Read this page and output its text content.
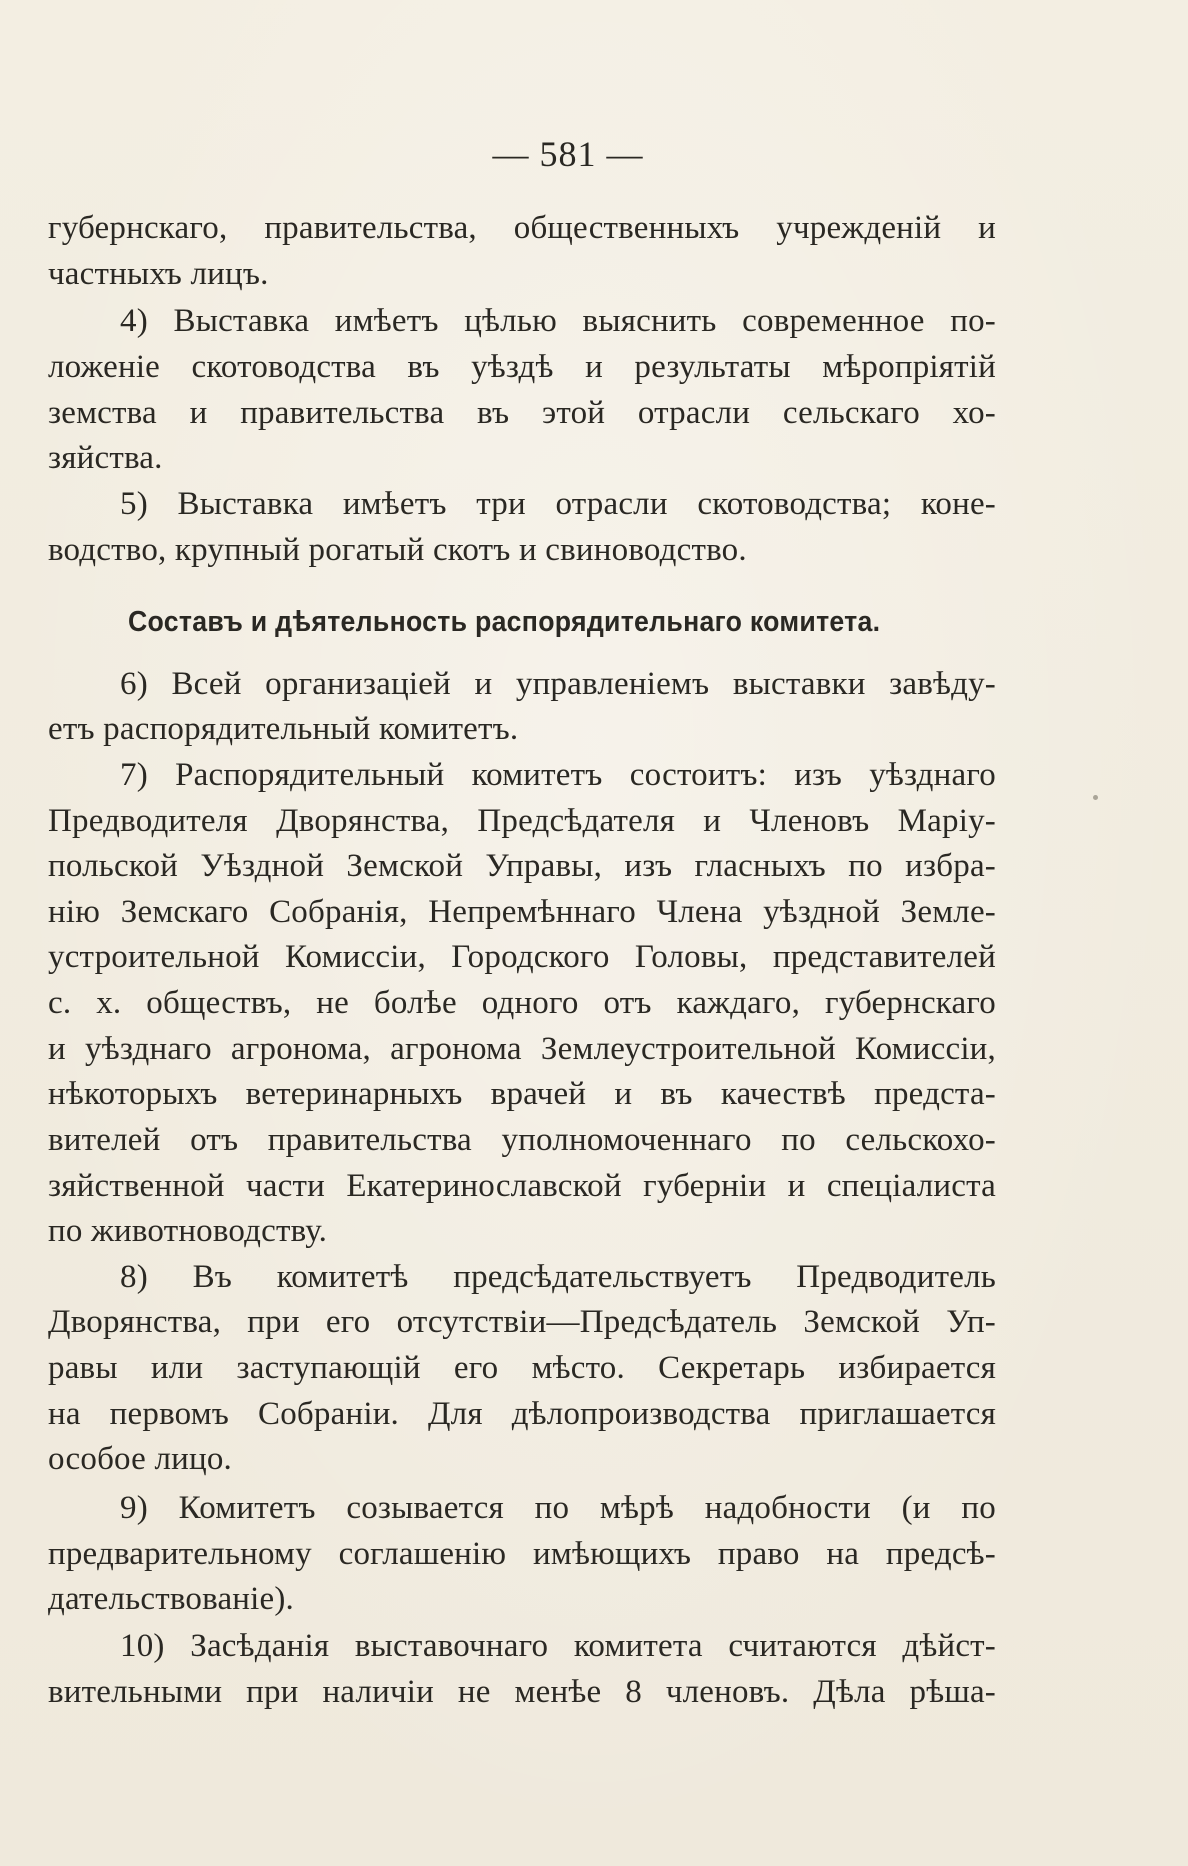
— 581 —
губернскаго, правительства, общественныхъ учрежденій и
частныхъ лицъ.
4) Выставка имѣетъ цѣлью выяснить современное по-
ложеніе скотоводства въ уѣздѣ и результаты мѣропріятій
земства и правительства въ этой отрасли сельскаго хо-
зяйства.
5) Выставка имѣетъ три отрасли скотоводства; коне-
водство, крупный рогатый скотъ и свиноводство.
Составъ и дѣятельность распорядительнаго комитета.
6) Всей организаціей и управленіемъ выставки завѣду-
етъ распорядительный комитетъ.
7) Распорядительный комитетъ состоитъ: изъ уѣзднаго
Предводителя Дворянства, Предсѣдателя и Членовъ Маріу-
польской Уѣздной Земской Управы, изъ гласныхъ по избра-
нію Земскаго Собранія, Непремѣннаго Члена уѣздной Земле-
устроительной Комиссіи, Городского Головы, представителей
с. х. обществъ, не болѣе одного отъ каждаго, губернскаго
и уѣзднаго агронома, агронома Землеустроительной Комиссіи,
нѣкоторыхъ ветеринарныхъ врачей и въ качествѣ предста-
вителей отъ правительства уполномоченнаго по сельскохо-
зяйственной части Екатеринославской губерніи и спеціалиста
по животноводству.
8) Въ комитетѣ предсѣдательствуетъ Предводитель
Дворянства, при его отсутствіи—Предсѣдатель Земской Уп-
равы или заступающій его мѣсто. Секретарь избирается
на первомъ Собраніи. Для дѣлопроизводства приглашается
особое лицо.
9) Комитетъ созывается по мѣрѣ надобности (и по
предварительному соглашенію имѣющихъ право на предсѣ-
дательствованіе).
10) Засѣданія выставочнаго комитета считаются дѣйст-
вительными при наличіи не менѣе 8 членовъ. Дѣла рѣша-
